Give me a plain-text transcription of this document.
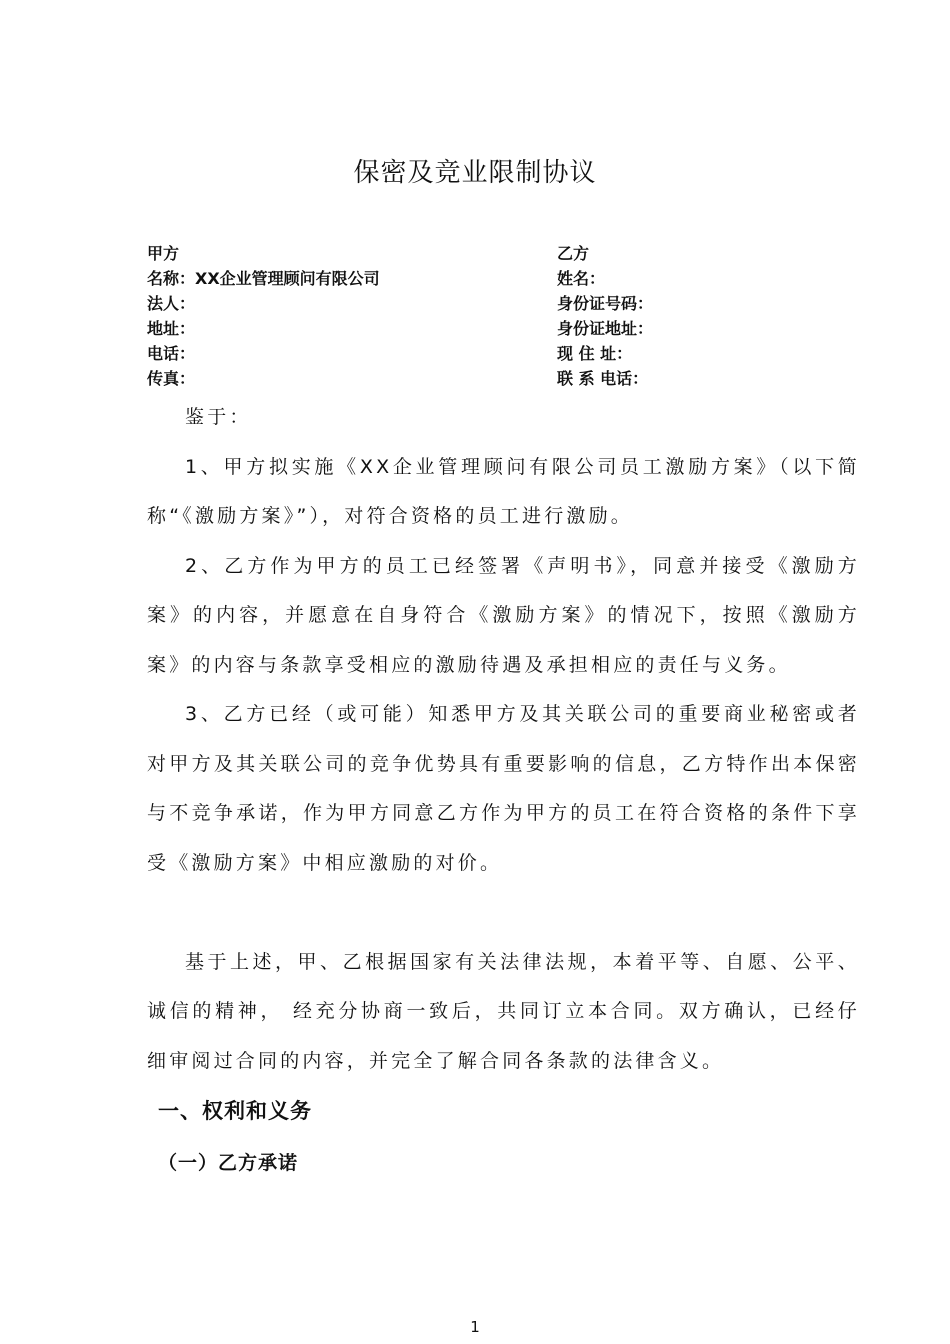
保密及竞业限制协议
甲方
名称：XX企业管理顾问有限公司
法人：
地址：
电话：
传真：
乙方
姓名：
身份证号码：
身份证地址：
现 住 址：
联 系 电话：

鉴于：

1、甲方拟实施《XX企业管理顾问有限公司员工激励方案》（以下简称“《激励方案》”），对符合资格的员工进行激励。

2、乙方作为甲方的员工已经签署《声明书》，同意并接受《激励方案》的内容，并愿意在自身符合《激励方案》的情况下，按照《激励方案》的内容与条款享受相应的激励待遇及承担相应的责任与义务。

3、乙方已经（或可能）知悉甲方及其关联公司的重要商业秘密或者对甲方及其关联公司的竞争优势具有重要影响的信息，乙方特作出本保密与不竞争承诺，作为甲方同意乙方作为甲方的员工在符合资格的条件下享受《激励方案》中相应激励的对价。

基于上述，甲、乙根据国家有关法律法规，本着平等、自愿、公平、诚信的精神， 经充分协商一致后，共同订立本合同。双方确认，已经仔细审阅过合同的内容，并完全了解合同各条款的法律含义。

一、权利和义务
（一）乙方承诺
1
